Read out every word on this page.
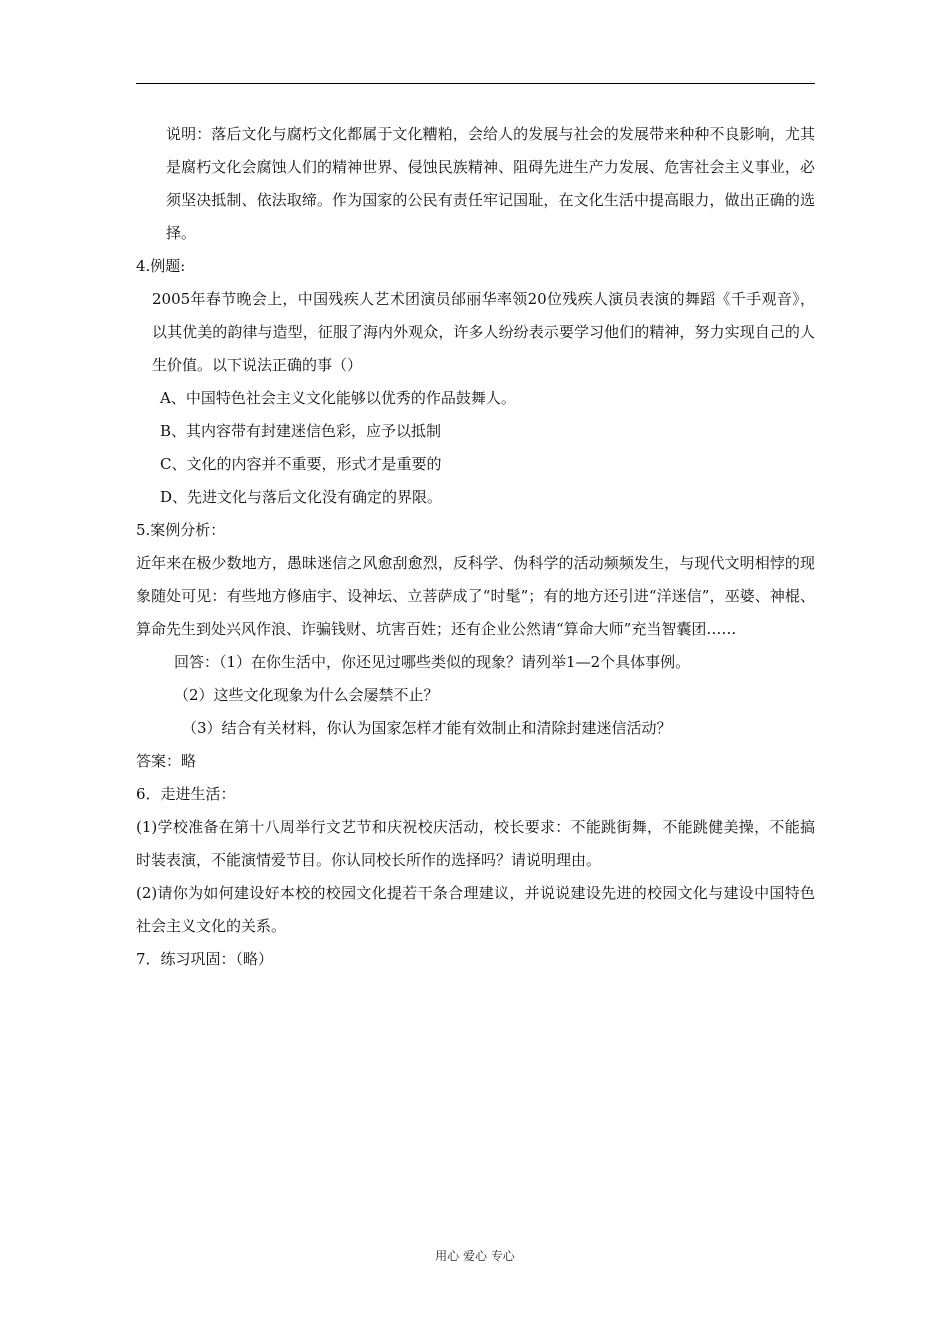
说明：落后文化与腐朽文化都属于文化糟粕，会给人的发展与社会的发展带来种种不良影响，尤其是腐朽文化会腐蚀人们的精神世界、侵蚀民族精神、阻碍先进生产力发展、危害社会主义事业，必须坚决抵制、依法取缔。作为国家的公民有责任牢记国耻，在文化生活中提高眼力，做出正确的选择。

4.例题:

2005年春节晚会上，中国残疾人艺术团演员邰丽华率领20位残疾人演员表演的舞蹈《千手观音》，以其优美的韵律与造型，征服了海内外观众，许多人纷纷表示要学习他们的精神，努力实现自己的人生价值。以下说法正确的事（）

A、中国特色社会主义文化能够以优秀的作品鼓舞人。

B、其内容带有封建迷信色彩，应予以抵制

C、文化的内容并不重要，形式才是重要的

D、先进文化与落后文化没有确定的界限。

5.案例分析：

近年来在极少数地方，愚昧迷信之风愈刮愈烈，反科学、伪科学的活动频频发生，与现代文明相悖的现象随处可见：有些地方修庙宇、设神坛、立菩萨成了“时髦”；有的地方还引进“洋迷信”，巫婆、神棍、算命先生到处兴风作浪、诈骗钱财、坑害百姓；还有企业公然请“算命大师”充当智囊团……

回答：（1）在你生活中，你还见过哪些类似的现象？请列举1—2个具体事例。

（2）这些文化现象为什么会屡禁不止？

（3）结合有关材料，你认为国家怎样才能有效制止和清除封建迷信活动？

答案：略

6．走进生活：

(1)学校准备在第十八周举行文艺节和庆祝校庆活动，校长要求：不能跳街舞，不能跳健美操，不能搞时装表演，不能演情爱节目。你认同校长所作的选择吗？请说明理由。

(2)请你为如何建设好本校的校园文化提若干条合理建议，并说说建设先进的校园文化与建设中国特色社会主义文化的关系。

7．练习巩固：（略）

用心 爱心 专心
